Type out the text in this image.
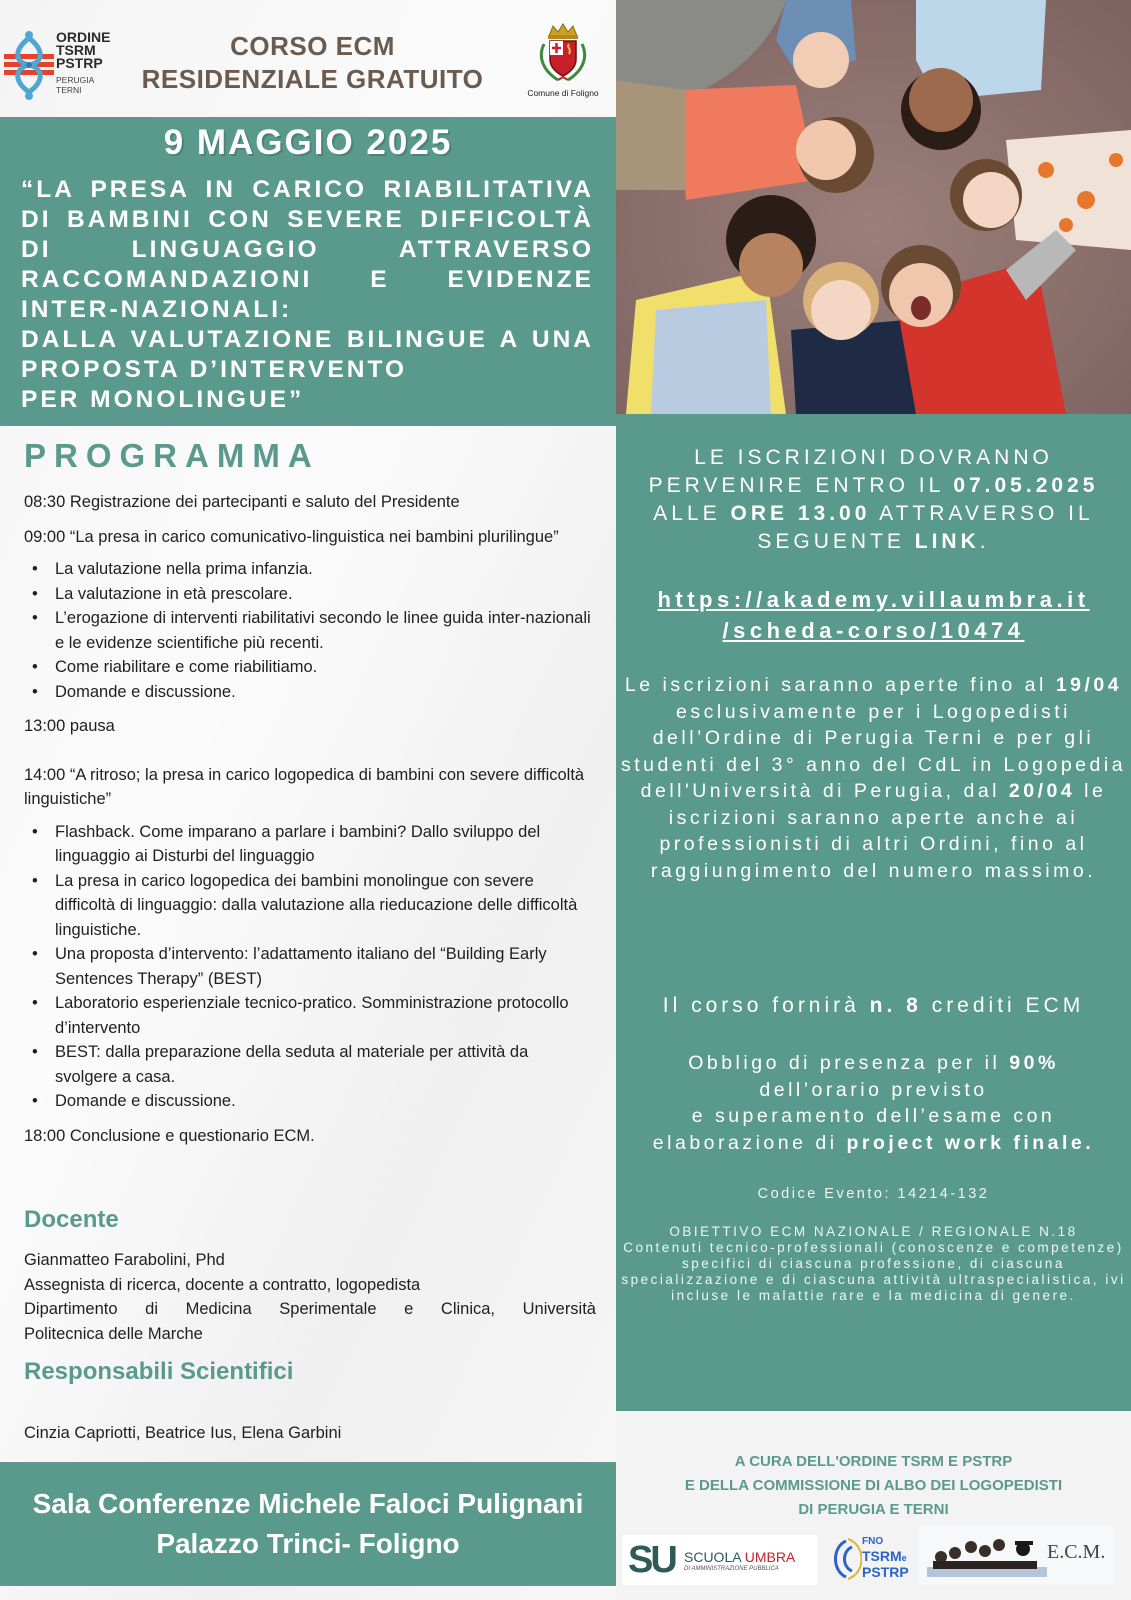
ORDINE
TSRM
PSTRP
PERUGIA
TERNI
CORSO ECM
RESIDENZIALE GRATUITO	Comune di Foligno
9 MAGGIO 2025
“LA PRESA IN CARICO RIABILITATIVA
DI BAMBINI CON SEVERE DIFFICOLTÀ
DI LINGUAGGIO ATTRAVERSO
RACCOMANDAZIONI E EVIDENZE
INTER-NAZIONALI:
DALLA VALUTAZIONE BILINGUE A UNA
PROPOSTA D’INTERVENTO
PER MONOLINGUE”
LE ISCRIZIONI DOVRANNO PERVENIRE ENTRO IL 07.05.2025 ALLE ORE 13.00 ATTRAVERSO IL SEGUENTE LINK.
https://akademy.villaumbra.it
/scheda-corso/10474
Le iscrizioni saranno aperte fino al 19/04 esclusivamente per i Logopedisti dell’Ordine di Perugia Terni e per gli studenti del 3° anno del CdL in Logopedia dell'Università di Perugia, dal 20/04 le iscrizioni saranno aperte anche ai professionisti di altri Ordini, fino al raggiungimento del numero massimo.
Il corso fornirà n. 8 crediti ECM
Obbligo di presenza per il 90%
dell’orario previsto
e superamento dell’esame con elaborazione di project work finale.
Codice Evento: 14214-132
OBIETTIVO ECM NAZIONALE / REGIONALE N.18
Contenuti tecnico-professionali (conoscenze e competenze) specifici di ciascuna professione, di ciascuna specializzazione e di ciascuna attività ultraspecialistica, ivi incluse le malattie rare e la medicina di genere.
PROGRAMMA

08:30 Registrazione dei partecipanti e saluto del Presidente

09:00 “La presa in carico comunicativo-linguistica nei bambini plurilingue”

• La valutazione nella prima infanzia.
• La valutazione in età prescolare.
• L’erogazione di interventi riabilitativi secondo le linee guida inter-nazionali e le evidenze scientifiche più recenti.
• Come riabilitare e come riabilitiamo.
• Domande e discussione.

13:00 pausa

14:00 “A ritroso; la presa in carico logopedica di bambini con severe difficoltà linguistiche”

• Flashback. Come imparano a parlare i bambini? Dallo sviluppo del linguaggio ai Disturbi del linguaggio
• La presa in carico logopedica dei bambini monolingue con severe difficoltà di linguaggio: dalla valutazione alla rieducazione delle difficoltà linguistiche.
• Una proposta d’intervento: l’adattamento italiano del “Building Early Sentences Therapy” (BEST)
• Laboratorio esperienziale tecnico-pratico. Somministrazione protocollo d’intervento
• BEST: dalla preparazione della seduta al materiale per attività da svolgere a casa.
• Domande e discussione.

18:00 Conclusione e questionario ECM.

Docente
Gianmatteo Farabolini, Phd
Assegnista di ricerca, docente a contratto, logopedista
Dipartimento di Medicina Sperimentale e Clinica, Università
Politecnica delle Marche
Responsabili Scientifici
Cinzia Capriotti, Beatrice Ius, Elena Garbini
Sala Conferenze Michele Faloci Pulignani
Palazzo Trinci- Foligno
A CURA DELL'ORDINE TSRM E PSTRP
E DELLA COMMISSIONE DI ALBO DEI LOGOPEDISTI
DI PERUGIA E TERNI
SU SCUOLA UMBRA
DI AMMINISTRAZIONE PUBBLICA
FNO
TSRMe
PSTRP
E.C.M.
